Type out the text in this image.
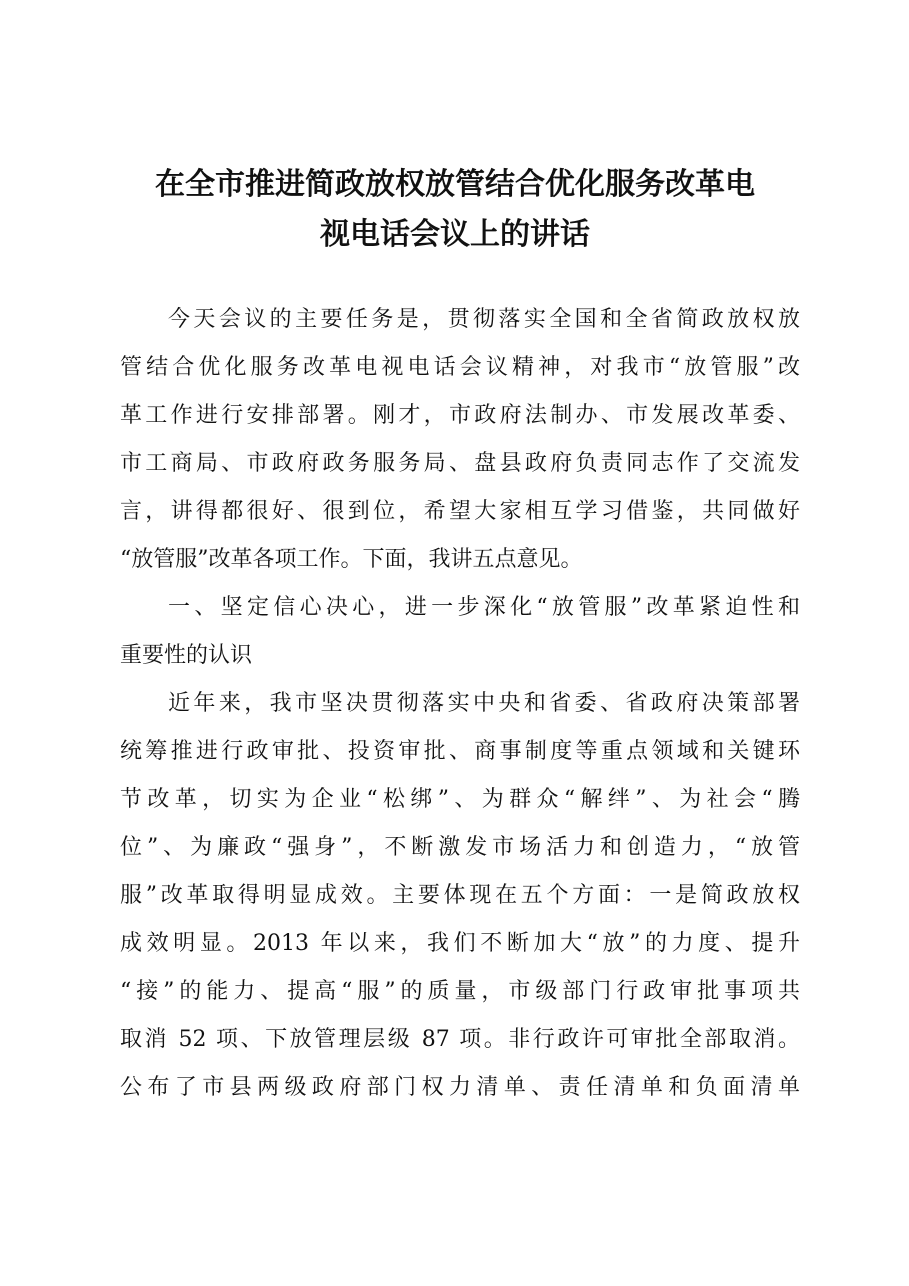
在全市推进简政放权放管结合优化服务改革电
视电话会议上的讲话
今天会议的主要任务是，贯彻落实全国和全省简政放权放
管结合优化服务改革电视电话会议精神，对我市“放管服”改
革工作进行安排部署。刚才，市政府法制办、市发展改革委、
市工商局、市政府政务服务局、盘县政府负责同志作了交流发
言，讲得都很好、很到位，希望大家相互学习借鉴，共同做好
“放管服”改革各项工作。下面，我讲五点意见。
一、坚定信心决心，进一步深化“放管服”改革紧迫性和
重要性的认识
近年来，我市坚决贯彻落实中央和省委、省政府决策部署
统筹推进行政审批、投资审批、商事制度等重点领域和关键环
节改革，切实为企业“松绑”、为群众“解绊”、为社会“腾
位”、为廉政“强身”，不断激发市场活力和创造力，“放管
服”改革取得明显成效。主要体现在五个方面：一是简政放权
成效明显。2013 年以来，我们不断加大“放”的力度、提升
“接”的能力、提高“服”的质量，市级部门行政审批事项共
取消 52 项、下放管理层级 87 项。非行政许可审批全部取消。
公布了市县两级政府部门权力清单、责任清单和负面清单
